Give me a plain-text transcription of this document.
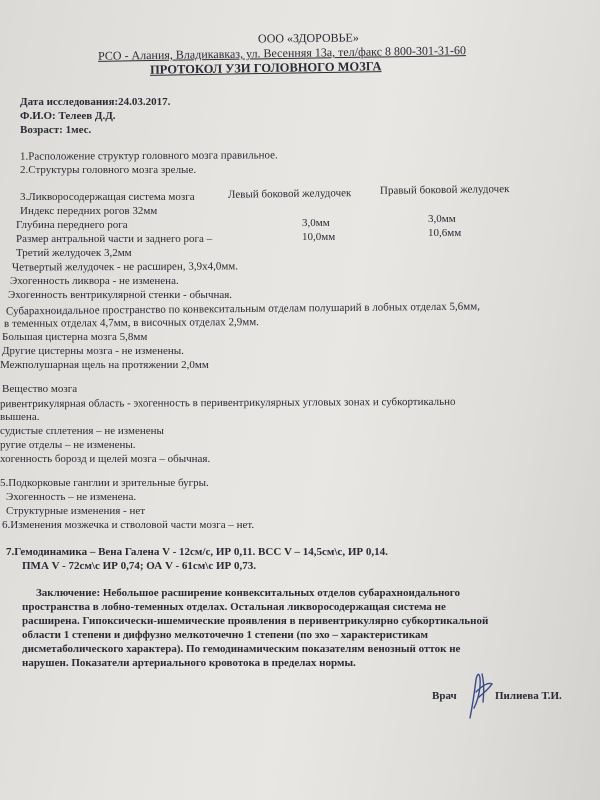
ООО «ЗДОРОВЬЕ»
РСО - Алания, Владикавказ, ул. Весенняя 13а, тел/факс 8 800-301-31-60
ПРОТОКОЛ УЗИ ГОЛОВНОГО МОЗГА
Дата исследования:24.03.2017.
Ф.И.О: Телеев Д.Д.
Возраст: 1мес.
1.Расположение структур головного мозга правильное.
2.Структуры головного мозга зрелые.
3.Ликворосодержащая система мозга	Левый боковой желудочек	Правый боковой желудочек
Индекс передних рогов 32мм
Глубина переднего рога	3,0мм	3,0мм
Размер антральной части и заднего рога –	10,0мм	10,6мм
Третий желудочек 3,2мм
Четвертый желудочек - не расширен, 3,9х4,0мм.
Эхогенность ликвора - не изменена.
Эхогенность вентрикулярной стенки - обычная.
Субарахноидальное пространство по конвекситальным отделам полушарий в лобных отделах 5,6мм,
в теменных отделах 4,7мм, в височных отделах 2,9мм.
Большая цистерна мозга 5,8мм
Другие цистерны мозга - не изменены.
Межполушарная щель на протяжении 2,0мм
Вещество мозга
ривентрикулярная область - эхогенность в перивентрикулярных угловых зонах и субкортикально
вышена.
судистые сплетения – не изменены
ругие отделы – не изменены.
хогенность борозд и щелей мозга – обычная.
5.Подкорковые ганглии и зрительные бугры.
Эхогенность – не изменена.
Структурные изменения - нет
6.Изменения мозжечка и стволовой части мозга – нет.
7.Гемодинамика – Вена Галена V - 12см/с, ИР 0,11. ВСС V – 14,5см\с, ИР 0,14.
ПМА V - 72см\с ИР 0,74; ОА V - 61см\с ИР 0,73.
Заключение: Небольшое расширение конвекситальных отделов субарахноидального
пространства в лобно-теменных отделах. Остальная ликворосодержащая система не
расширена. Гипоксически-ишемические проявления в перивентрикулярно субкортикальной
области 1 степени и диффузно мелкоточечно 1 степени (по эхо – характеристикам
дисметаболического характера). По гемодинамическим показателям венозный отток не
нарушен. Показатели артериального кровотока в пределах нормы.
Врач	Пилиева Т.И.
